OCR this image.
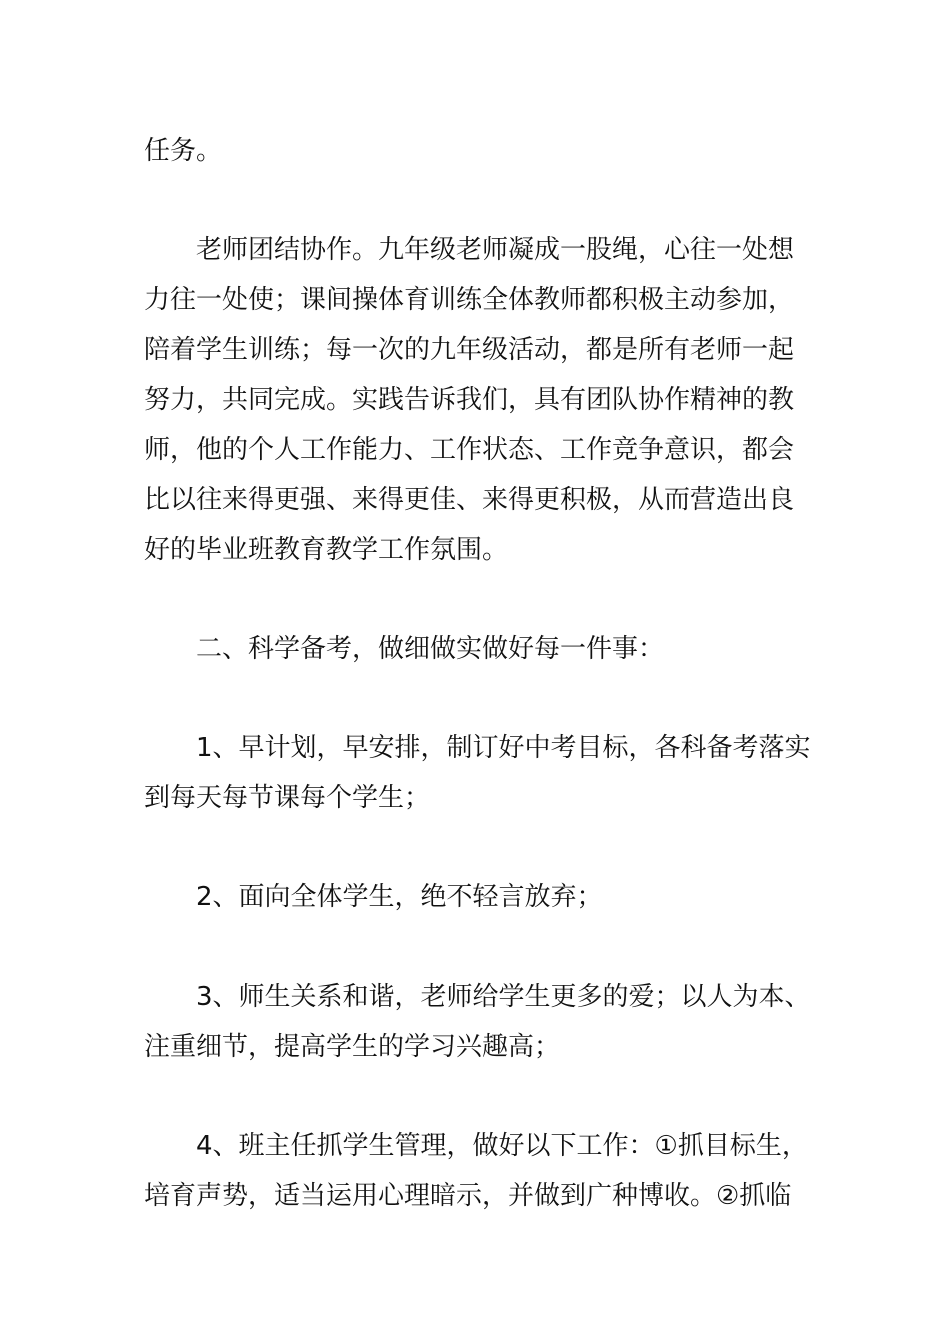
任务。
老师团结协作。九年级老师凝成一股绳，心往一处想
力往一处使；课间操体育训练全体教师都积极主动参加，
陪着学生训练；每一次的九年级活动，都是所有老师一起
努力，共同完成。实践告诉我们，具有团队协作精神的教
师，他的个人工作能力、工作状态、工作竞争意识，都会
比以往来得更强、来得更佳、来得更积极，从而营造出良
好的毕业班教育教学工作氛围。
二、科学备考，做细做实做好每一件事：
1、早计划，早安排，制订好中考目标，各科备考落实
到每天每节课每个学生；
2、面向全体学生，绝不轻言放弃；
3、师生关系和谐，老师给学生更多的爱；以人为本、
注重细节，提高学生的学习兴趣高；
4、班主任抓学生管理，做好以下工作：①抓目标生，
培育声势，适当运用心理暗示，并做到广种博收。②抓临
